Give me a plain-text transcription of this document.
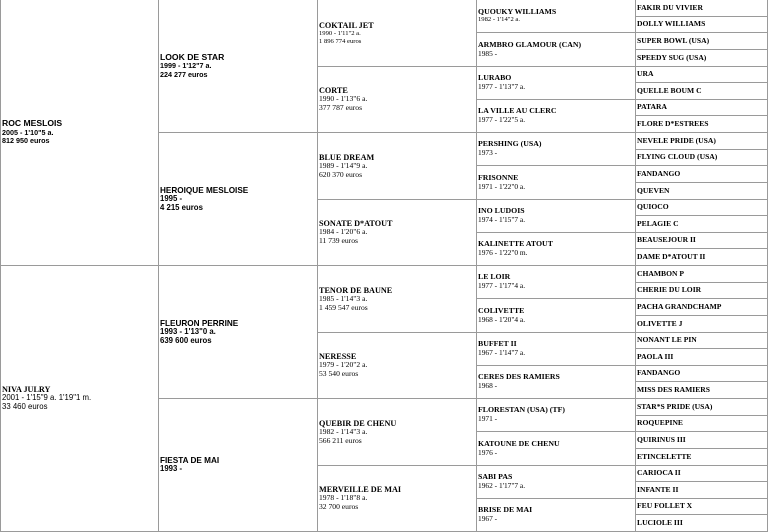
ROC MESLOIS
2005 - 1'10"5 a.
812 950 euros
NIVA JULRY
2001 - 1'15"9 a. 1'19"1 m.
33 460 euros
LOOK DE STAR
1999 - 1'12"7 a.
224 277 euros
HEROIQUE MESLOISE
1995 -
4 215 euros
FLEURON PERRINE
1993 - 1'13"0 a.
639 600 euros
FIESTA DE MAI
1993 -
COKTAIL JET
1990 - 1'11"2 a.
1 896 774 euros
CORTE
1990 - 1'13"6 a.
377 787 euros
BLUE DREAM
1989 - 1'14"9 a.
620 370 euros
SONATE D*ATOUT
1984 - 1'20"6 a.
11 739 euros
TENOR DE BAUNE
1985 - 1'14"3 a.
1 459 547 euros
NERESSE
1979 - 1'20"2 a.
53 540 euros
QUEBIR DE CHENU
1982 - 1'14"3 a.
566 211 euros
MERVEILLE DE MAI
1978 - 1'18"8 a.
32 700 euros
QUOUKY WILLIAMS
1982 - 1'14"2 a.
ARMBRO GLAMOUR (CAN)
1985 -
LURABO
1977 - 1'13"7 a.
LA VILLE AU CLERC
1977 - 1'22"5 a.
PERSHING (USA)
1973 -
FRISONNE
1971 - 1'22"0 a.
INO LUDOIS
1974 - 1'15"7 a.
KALINETTE ATOUT
1976 - 1'22"0 m.
LE LOIR
1977 - 1'17"4 a.
COLIVETTE
1968 - 1'20"4 a.
BUFFET II
1967 - 1'14"7 a.
CERES DES RAMIERS
1968 -
FLORESTAN (USA) (TF)
1971 -
KATOUNE DE CHENU
1976 -
SABI PAS
1962 - 1'17"7 a.
BRISE DE MAI
1967 -
FAKIR DU VIVIER
DOLLY WILLIAMS
SUPER BOWL (USA)
SPEEDY SUG (USA)
URA
QUELLE BOUM C
PATARA
FLORE D*ESTREES
NEVELE PRIDE (USA)
FLYING CLOUD (USA)
FANDANGO
QUEVEN
QUIOCO
PELAGIE C
BEAUSEJOUR II
DAME D*ATOUT II
CHAMBON P
CHERIE DU LOIR
PACHA GRANDCHAMP
OLIVETTE J
NONANT LE PIN
PAOLA III
FANDANGO
MISS DES RAMIERS
STAR*S PRIDE (USA)
ROQUEPINE
QUIRINUS III
ETINCELETTE
CARIOCA II
INFANTE II
FEU FOLLET X
LUCIOLE III
